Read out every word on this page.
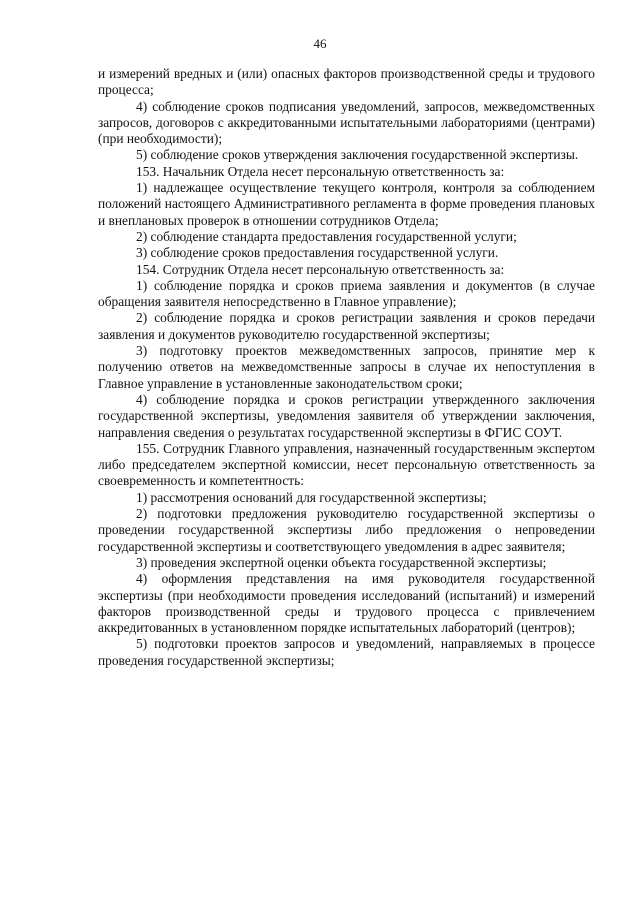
46

и измерений вредных и (или) опасных факторов производственной среды и трудового процесса;

4) соблюдение сроков подписания уведомлений, запросов, межведомственных запросов, договоров с аккредитованными испытательными лабораториями (центрами) (при необходимости);

5) соблюдение сроков утверждения заключения государственной экспертизы.

153. Начальник Отдела несет персональную ответственность за:

1) надлежащее осуществление текущего контроля, контроля за соблюдением положений настоящего Административного регламента в форме проведения плановых и внеплановых проверок в отношении сотрудников Отдела;

2) соблюдение стандарта предоставления государственной услуги;

3) соблюдение сроков предоставления государственной услуги.

154. Сотрудник Отдела несет персональную ответственность за:

1) соблюдение порядка и сроков приема заявления и документов (в случае обращения заявителя непосредственно в Главное управление);

2) соблюдение порядка и сроков регистрации заявления и сроков передачи заявления и документов руководителю государственной экспертизы;

3) подготовку проектов межведомственных запросов, принятие мер к получению ответов на межведомственные запросы в случае их непоступления в Главное управление в установленные законодательством сроки;

4) соблюдение порядка и сроков регистрации утвержденного заключения государственной экспертизы, уведомления заявителя об утверждении заключения, направления сведения о результатах государственной экспертизы в ФГИС СОУТ.

155. Сотрудник Главного управления, назначенный государственным экспертом либо председателем экспертной комиссии, несет персональную ответственность за своевременность и компетентность:

1) рассмотрения оснований для государственной экспертизы;

2) подготовки предложения руководителю государственной экспертизы о проведении государственной экспертизы либо предложения о непроведении государственной экспертизы и соответствующего уведомления в адрес заявителя;

3) проведения экспертной оценки объекта государственной экспертизы;

4) оформления представления на имя руководителя государственной экспертизы (при необходимости проведения исследований (испытаний) и измерений факторов производственной среды и трудового процесса с привлечением аккредитованных в установленном порядке испытательных лабораторий (центров);

5) подготовки проектов запросов и уведомлений, направляемых в процессе проведения государственной экспертизы;
